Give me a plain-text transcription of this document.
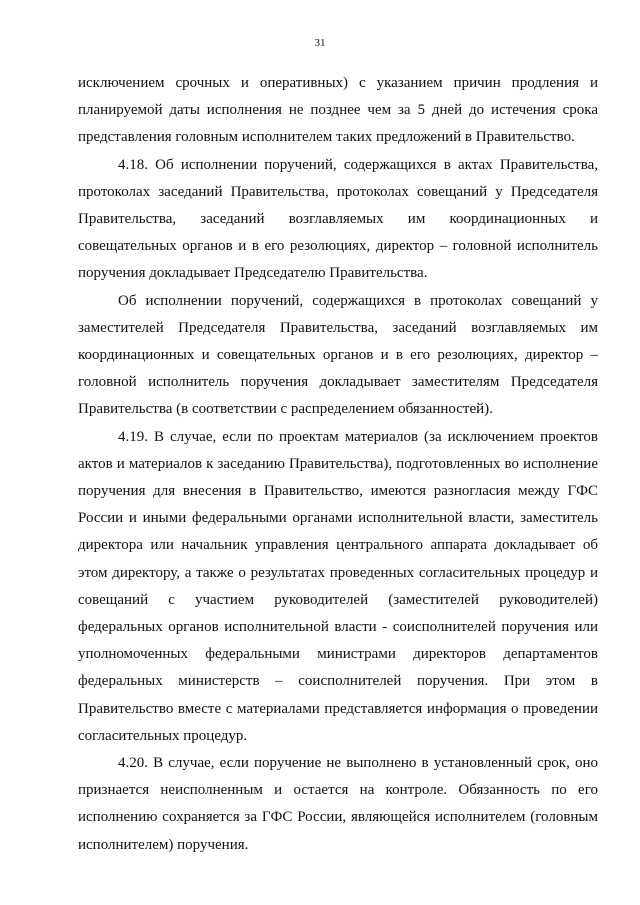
31

исключением срочных и оперативных) с указанием причин продления и планируемой даты исполнения не позднее чем за 5 дней до истечения срока представления головным исполнителем таких предложений в Правительство.

4.18. Об исполнении поручений, содержащихся в актах Правительства, протоколах заседаний Правительства, протоколах совещаний у Председателя Правительства, заседаний возглавляемых им координационных и совещательных органов и в его резолюциях, директор – головной исполнитель поручения докладывает Председателю Правительства.

Об исполнении поручений, содержащихся в протоколах совещаний у заместителей Председателя Правительства, заседаний возглавляемых им координационных и совещательных органов и в его резолюциях, директор – головной исполнитель поручения докладывает заместителям Председателя Правительства (в соответствии с распределением обязанностей).

4.19. В случае, если по проектам материалов (за исключением проектов актов и материалов к заседанию Правительства), подготовленных во исполнение поручения для внесения в Правительство, имеются разногласия между ГФС России и иными федеральными органами исполнительной власти, заместитель директора или начальник управления центрального аппарата докладывает об этом директору, а также о результатах проведенных согласительных процедур и совещаний с участием руководителей (заместителей руководителей) федеральных органов исполнительной власти - соисполнителей поручения или уполномоченных федеральными министрами директоров департаментов федеральных министерств – соисполнителей поручения. При этом в Правительство вместе с материалами представляется информация о проведении согласительных процедур.

4.20. В случае, если поручение не выполнено в установленный срок, оно признается неисполненным и остается на контроле. Обязанность по его исполнению сохраняется за ГФС России, являющейся исполнителем (головным исполнителем) поручения.
